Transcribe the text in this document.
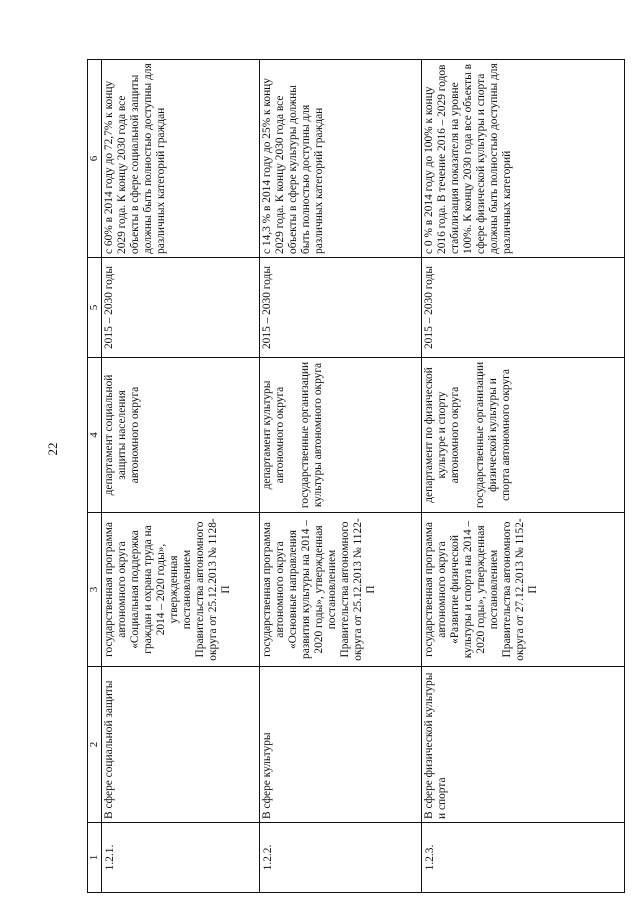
22
1	2	3	4	5	6
1.2.1.	В сфере социальной защиты	государственная программа автономного округа «Социальная поддержка граждан и охрана труда на 2014 – 2020 годы», утвержденная постановлением Правительства автономного округа от 25.12.2013 № 1128-П	департамент социальной защиты населения автономного округа	2015 – 2030 годы	с 60% в 2014 году до 72,7% к концу 2029 года. К концу 2030 года все объекты в сфере социальной защиты должны быть полностью доступны для различных категорий граждан
1.2.2.	В сфере культуры	государственная программа автономного округа «Основные направления развития культуры на 2014 – 2020 годы», утвержденная постановлением Правительства автономного округа от 25.12.2013 № 1122-П	департамент культуры автономного округа государственные организации культуры автономного округа	2015 – 2030 годы	с 14,3 % в 2014 году до 25% к концу 2029 года. К концу 2030 года все объекты в сфере культуры должны быть полностью доступны для различных категорий граждан
1.2.3.	В сфере физической культуры и спорта	государственная программа автономного округа «Развитие физической культуры и спорта на 2014 – 2020 годы», утвержденная постановлением Правительства автономного округа от 27.12.2013 № 1152-П	департамент по физической культуре и спорту автономного округа государственные организации физической культуры и спорта автономного округа	2015 – 2030 годы	с 0 % в 2014 году до 100% к концу 2016 года. В течение 2016 – 2029 годов стабилизация показателя на уровне 100%. К концу 2030 года все объекты в сфере физической культуры и спорта должны быть полностью доступны для различных категорий
